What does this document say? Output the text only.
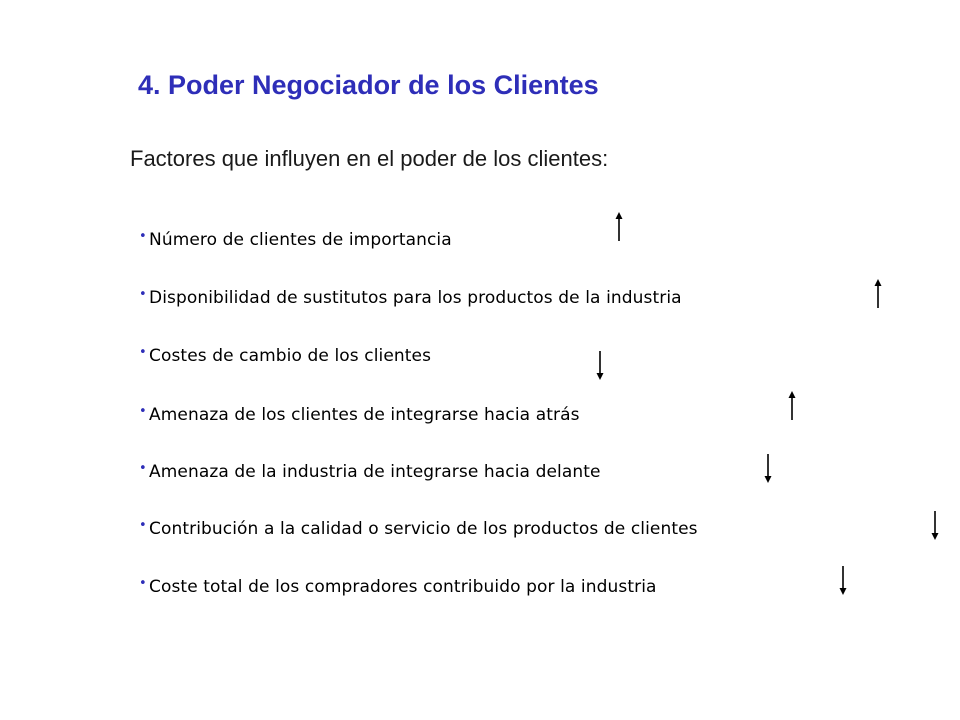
4. Poder Negociador de los Clientes
Factores que influyen en el poder de los clientes:
• Número de clientes de importancia
• Disponibilidad de sustitutos para los productos de la industria
• Costes de cambio de los clientes
• Amenaza de los clientes de integrarse hacia atrás
• Amenaza de la industria de integrarse hacia delante
• Contribución a la calidad o servicio de los productos de clientes
• Coste total de los compradores contribuido por la industria
